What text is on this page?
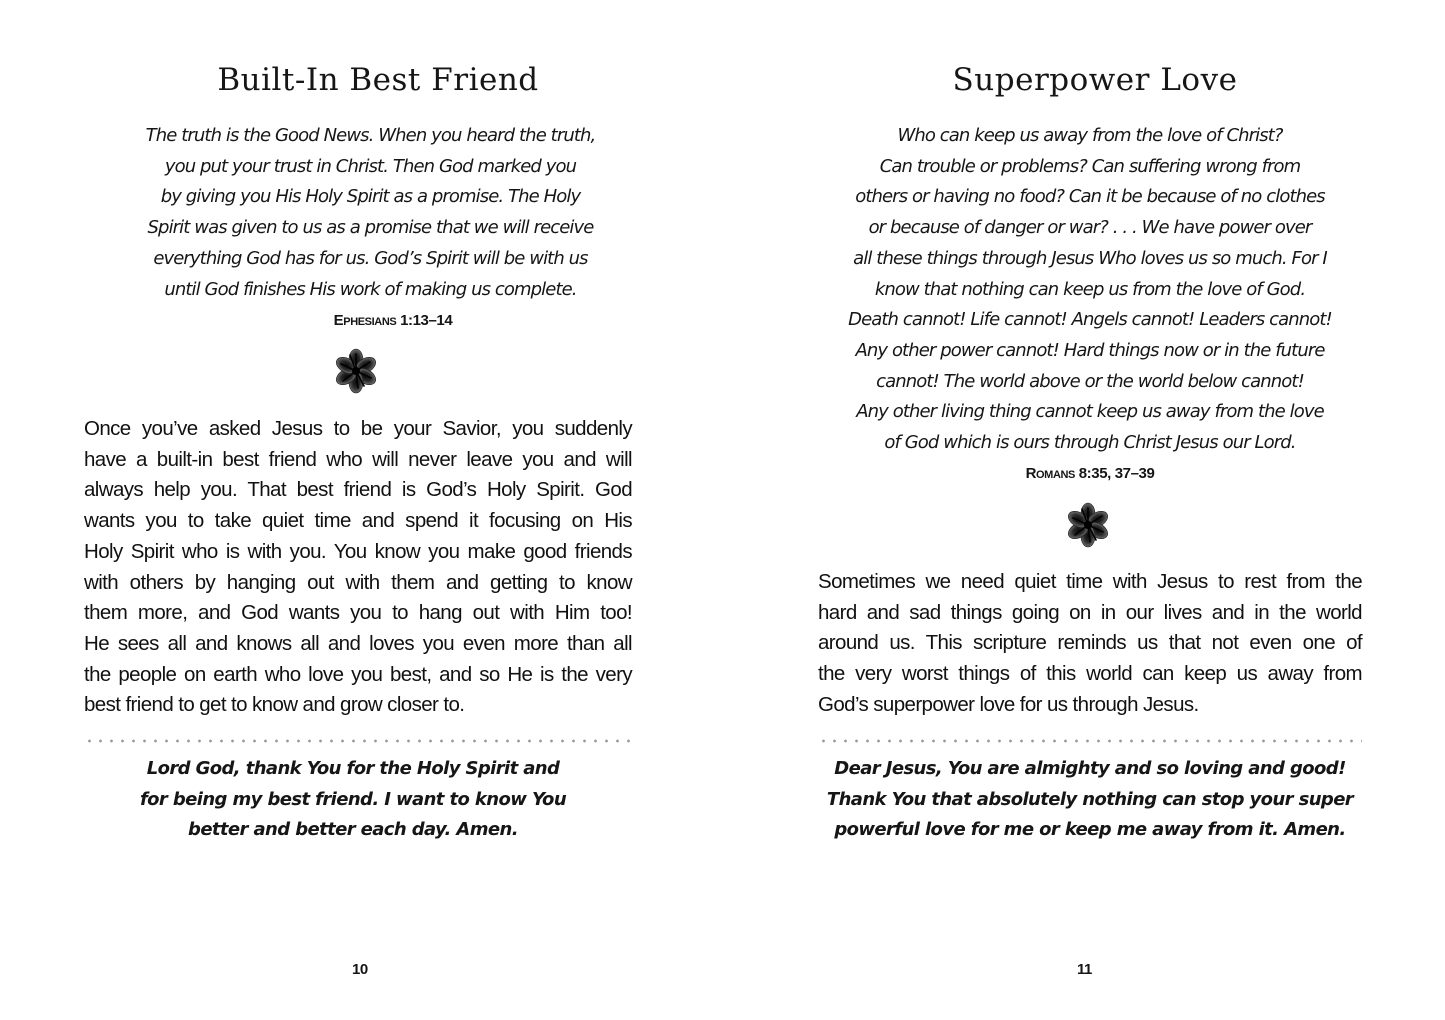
Built-In Best Friend
The truth is the Good News. When you heard the truth,
you put your trust in Christ. Then God marked you
by giving you His Holy Spirit as a promise. The Holy
Spirit was given to us as a promise that we will receive
everything God has for us. God’s Spirit will be with us
until God finishes His work of making us complete.
Ephesians 1:13–14
Once you’ve asked Jesus to be your Savior, you suddenly
have a built-in best friend who will never leave you and will
always help you. That best friend is God’s Holy Spirit. God
wants you to take quiet time and spend it focusing on His
Holy Spirit who is with you. You know you make good friends
with others by hanging out with them and getting to know
them more, and God wants you to hang out with Him too!
He sees all and knows all and loves you even more than all
the people on earth who love you best, and so He is the very
best friend to get to know and grow closer to.
Lord God, thank You for the Holy Spirit and
for being my best friend. I want to know You
better and better each day. Amen.
10
Superpower Love
Who can keep us away from the love of Christ?
Can trouble or problems? Can suffering wrong from
others or having no food? Can it be because of no clothes
or because of danger or war? . . . We have power over
all these things through Jesus Who loves us so much. For I
know that nothing can keep us from the love of God.
Death cannot! Life cannot! Angels cannot! Leaders cannot!
Any other power cannot! Hard things now or in the future
cannot! The world above or the world below cannot!
Any other living thing cannot keep us away from the love
of God which is ours through Christ Jesus our Lord.
Romans 8:35, 37–39
Sometimes we need quiet time with Jesus to rest from the
hard and sad things going on in our lives and in the world
around us. This scripture reminds us that not even one of
the very worst things of this world can keep us away from
God’s superpower love for us through Jesus.
Dear Jesus, You are almighty and so loving and good!
Thank You that absolutely nothing can stop your super
powerful love for me or keep me away from it. Amen.
11
